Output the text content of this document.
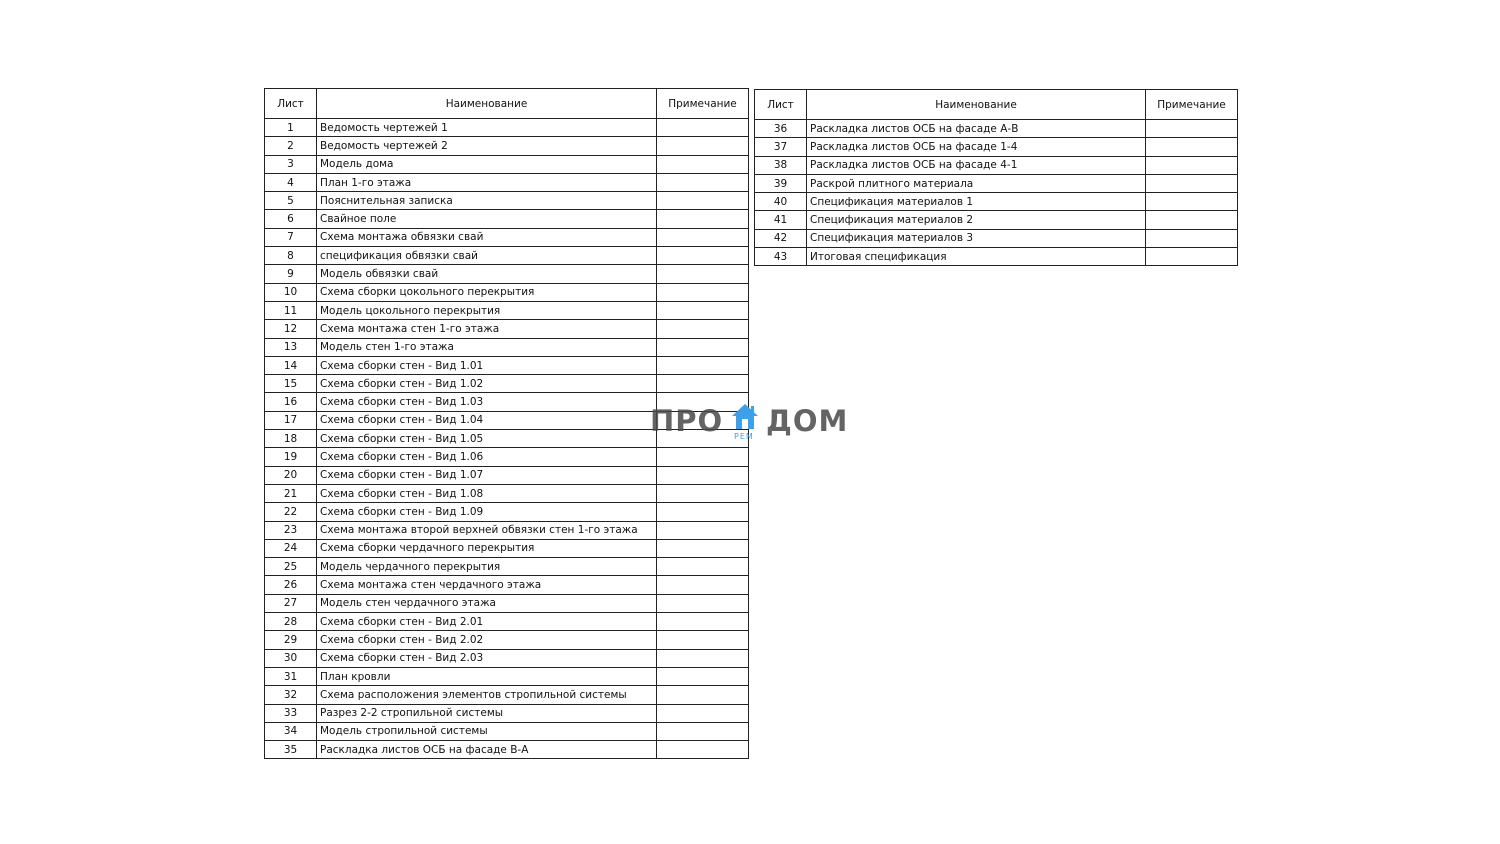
Лист	Наименование	Примечание
1	Ведомость чертежей 1	
2	Ведомость чертежей 2	
3	Модель дома	
4	План 1-го этажа	
5	Пояснительная записка	
6	Свайное поле	
7	Схема монтажа обвязки свай	
8	спецификация обвязки свай	
9	Модель обвязки свай	
10	Схема сборки цокольного перекрытия	
11	Модель цокольного перекрытия	
12	Схема монтажа стен 1-го этажа	
13	Модель стен 1-го этажа	
14	Схема сборки стен - Вид 1.01	
15	Схема сборки стен - Вид 1.02	
16	Схема сборки стен - Вид 1.03	
17	Схема сборки стен - Вид 1.04	
18	Схема сборки стен - Вид 1.05	
19	Схема сборки стен - Вид 1.06	
20	Схема сборки стен - Вид 1.07	
21	Схема сборки стен - Вид 1.08	
22	Схема сборки стен - Вид 1.09	
23	Схема монтажа второй верхней обвязки стен 1-го этажа	
24	Схема сборки чердачного перекрытия	
25	Модель чердачного перекрытия	
26	Схема монтажа стен чердачного этажа	
27	Модель стен чердачного этажа	
28	Схема сборки стен - Вид 2.01	
29	Схема сборки стен - Вид 2.02	
30	Схема сборки стен - Вид 2.03	
31	План кровли	
32	Схема расположения элементов стропильной системы	
33	Разрез 2-2 стропильной системы	
34	Модель стропильной системы	
35	Раскладка листов ОСБ на фасаде В-А	
Лист	Наименование	Примечание
36	Раскладка листов ОСБ на фасаде А-В	
37	Раскладка листов ОСБ на фасаде 1-4	
38	Раскладка листов ОСБ на фасаде 4-1	
39	Раскрой плитного материала	
40	Спецификация материалов 1	
41	Спецификация материалов 2	
42	Спецификация материалов 3	
43	Итоговая спецификация	
ПРО РЕМ ДОМ
